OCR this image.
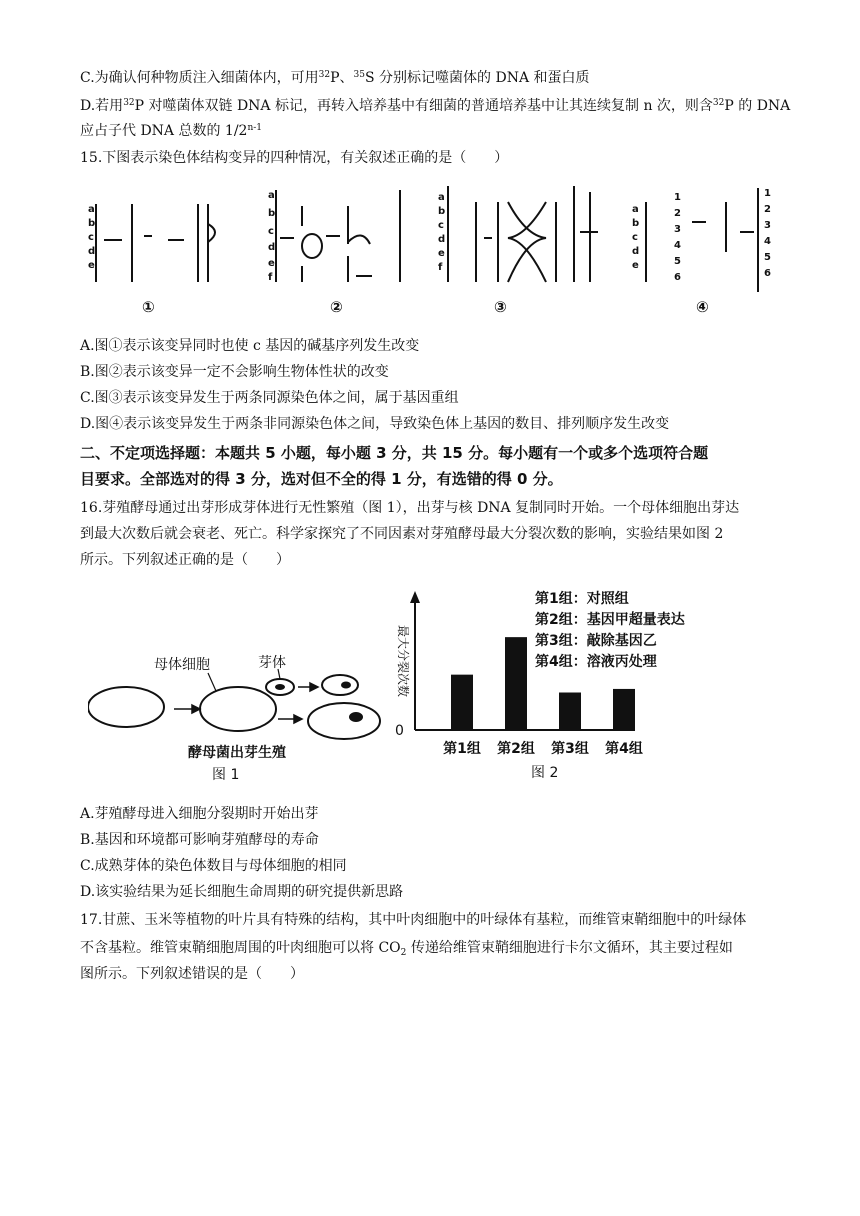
C.为确认何种物质注入细菌体内，可用$^{32}$P、$^{35}$S 分别标记噬菌体的 DNA 和蛋白质
D.若用$^{32}$P 对噬菌体双链 DNA 标记，再转入培养基中有细菌的普通培养基中让其连续复制 n 次，则含$^{32}$P 的 DNA
应占子代 DNA 总数的 1/2$^{n-1}$
15.下图表示染色体结构变异的四种情况，有关叙述正确的是（　　）
a
b
c
d
e
a
b
c
d
e
f
a
b
c
d
e
f
a
b
c
d
e
1
2
3
4
5
6
1
2
3
4
5
6
①	②	③	④
A.图①表示该变异同时也使 c 基因的碱基序列发生改变
B.图②表示该变异一定不会影响生物体性状的改变
C.图③表示该变异发生于两条同源染色体之间，属于基因重组
D.图④表示该变异发生于两条非同源染色体之间，导致染色体上基因的数目、排列顺序发生改变
二、不定项选择题：本题共 5 小题，每小题 3 分，共 15 分。每小题有一个或多个选项符合题
目要求。全部选对的得 3 分，选对但不全的得 1 分，有选错的得 0 分。
16.芽殖酵母通过出芽形成芽体进行无性繁殖（图 1），出芽与核 DNA 复制同时开始。一个母体细胞出芽达
到最大次数后就会衰老、死亡。科学家探究了不同因素对芽殖酵母最大分裂次数的影响，实验结果如图 2
所示。下列叙述正确的是（　　）
母体细胞	芽体
酵母菌出芽生殖
图 1
最大分裂次数
0
第1组 第2组 第3组 第4组
第1组：对照组
第2组：基因甲超量表达
第3组：敲除基因乙
第4组：溶液丙处理
图 2
A.芽殖酵母进入细胞分裂期时开始出芽
B.基因和环境都可影响芽殖酵母的寿命
C.成熟芽体的染色体数目与母体细胞的相同
D.该实验结果为延长细胞生命周期的研究提供新思路
17.甘蔗、玉米等植物的叶片具有特殊的结构，其中叶肉细胞中的叶绿体有基粒，而维管束鞘细胞中的叶绿体
不含基粒。维管束鞘细胞周围的叶肉细胞可以将 $CO_2$ 传递给维管束鞘细胞进行卡尔文循环，其主要过程如
图所示。下列叙述错误的是（　　）
